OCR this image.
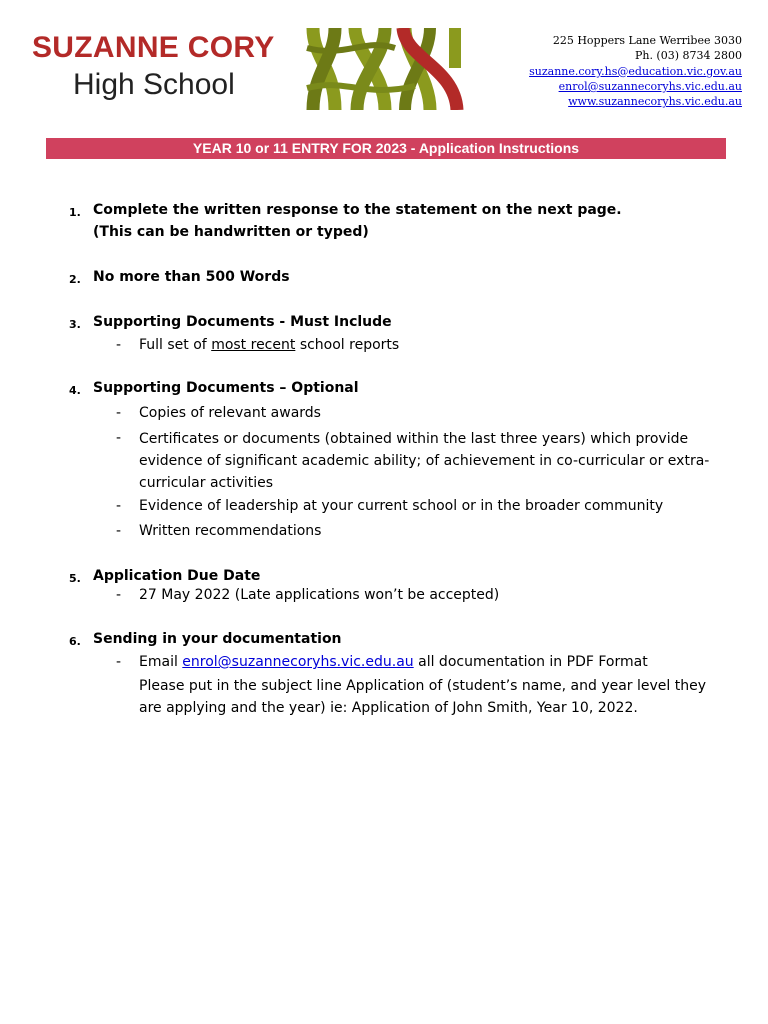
SUZANNE CORY
High School
225 Hoppers Lane Werribee 3030
Ph. (03) 8734 2800
suzanne.cory.hs@education.vic.gov.au
enrol@suzannecoryhs.vic.edu.au
www.suzannecoryhs.vic.edu.au
YEAR 10 or 11 ENTRY FOR 2023 - Application Instructions
1. Complete the written response to the statement on the next page.
(This can be handwritten or typed)
2. No more than 500 Words
3. Supporting Documents - Must Include
- Full set of most recent school reports
4. Supporting Documents – Optional
- Copies of relevant awards
- Certificates or documents (obtained within the last three years) which provide evidence of significant academic ability; of achievement in co-curricular or extra-curricular activities
- Evidence of leadership at your current school or in the broader community
- Written recommendations
5. Application Due Date
- 27 May 2022 (Late applications won’t be accepted)
6. Sending in your documentation
- Email enrol@suzannecoryhs.vic.edu.au all documentation in PDF Format
Please put in the subject line Application of (student’s name, and year level they are applying and the year) ie: Application of John Smith, Year 10, 2022.
